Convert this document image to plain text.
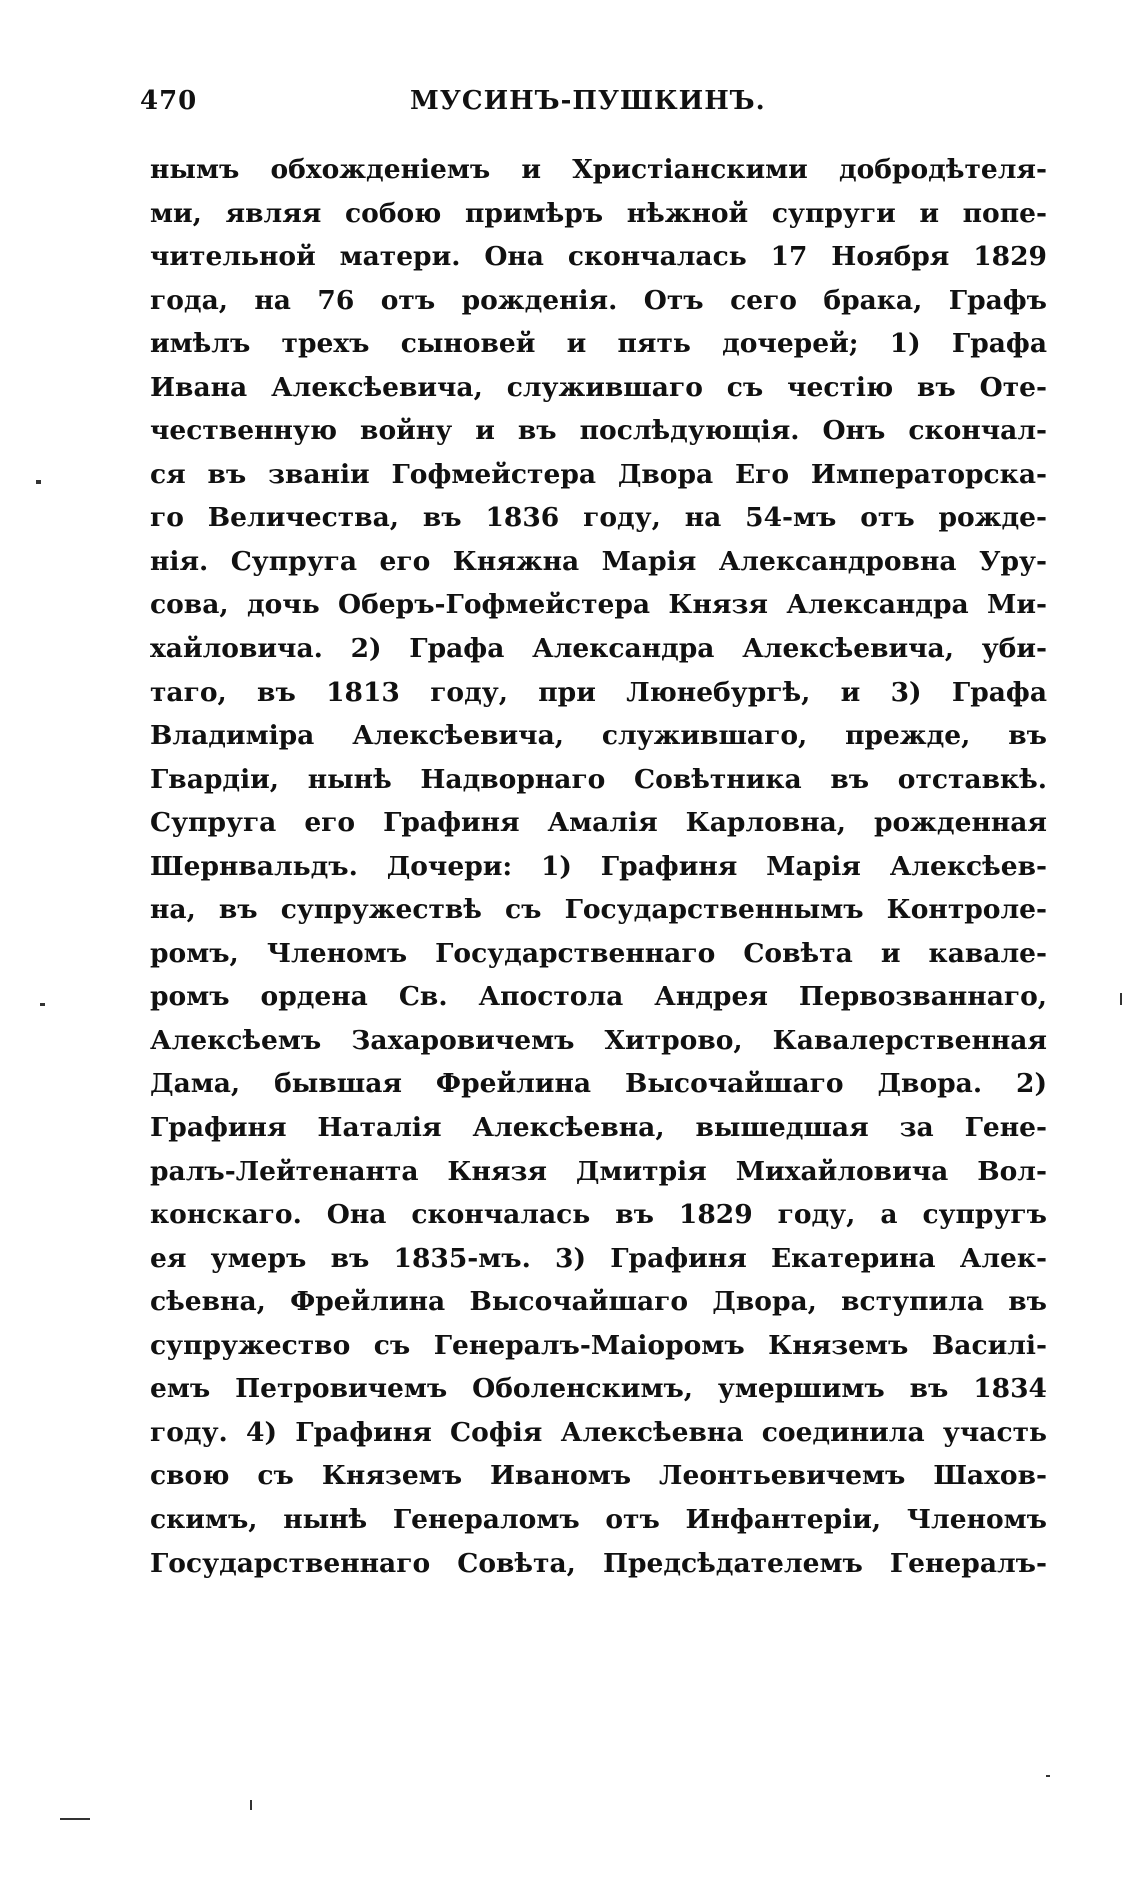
470	МУСИНЪ-ПУШКИНЪ.
нымъ обхожденіемъ и Христіанскими добродѣтеля-
ми, являя собою примѣръ нѣжной супруги и попе-
чительной матери. Она скончалась 17 Ноября 1829
года, на 76 отъ рожденія. Отъ сего брака, Графъ
имѣлъ трехъ сыновей и пять дочерей; 1) Графа
Ивана Алексѣевича, служившаго съ честію въ Оте-
чественную войну и въ послѣдующія. Онъ скончал-
ся въ званіи Гофмейстера Двора Его Императорска-
го Величества, въ 1836 году, на 54-мъ отъ рожде-
нія. Супруга его Княжна Марія Александровна Уру-
сова, дочь Оберъ-Гофмейстера Князя Александра Ми-
хайловича. 2) Графа Александра Алексѣевича, уби-
таго, въ 1813 году, при Люнебургѣ, и 3) Графа
Владиміра Алексѣевича, служившаго, прежде, въ
Гвардіи, нынѣ Надворнаго Совѣтника въ отставкѣ.
Супруга его Графиня Амалія Карловна, рожденная
Шернвальдъ. Дочери: 1) Графиня Марія Алексѣев-
на, въ супружествѣ съ Государственнымъ Контроле-
ромъ, Членомъ Государственнаго Совѣта и кавале-
ромъ ордена Св. Апостола Андрея Первозваннаго,
Алексѣемъ Захаровичемъ Хитрово, Кавалерственная
Дама, бывшая Фрейлина Высочайшаго Двора. 2)
Графиня Наталія Алексѣевна, вышедшая за Гене-
ралъ-Лейтенанта Князя Дмитрія Михайловича Вол-
конскаго. Она скончалась въ 1829 году, а супругъ
ея умеръ въ 1835-мъ. 3) Графиня Екатерина Алек-
сѣевна, Фрейлина Высочайшаго Двора, вступила въ
супружество съ Генералъ-Маіоромъ Княземъ Василі-
емъ Петровичемъ Оболенскимъ, умершимъ въ 1834
году. 4) Графиня Софія Алексѣевна соединила участь
свою съ Княземъ Иваномъ Леонтьевичемъ Шахов-
скимъ, нынѣ Генераломъ отъ Инфантеріи, Членомъ
Государственнаго Совѣта, Предсѣдателемъ Генералъ-
